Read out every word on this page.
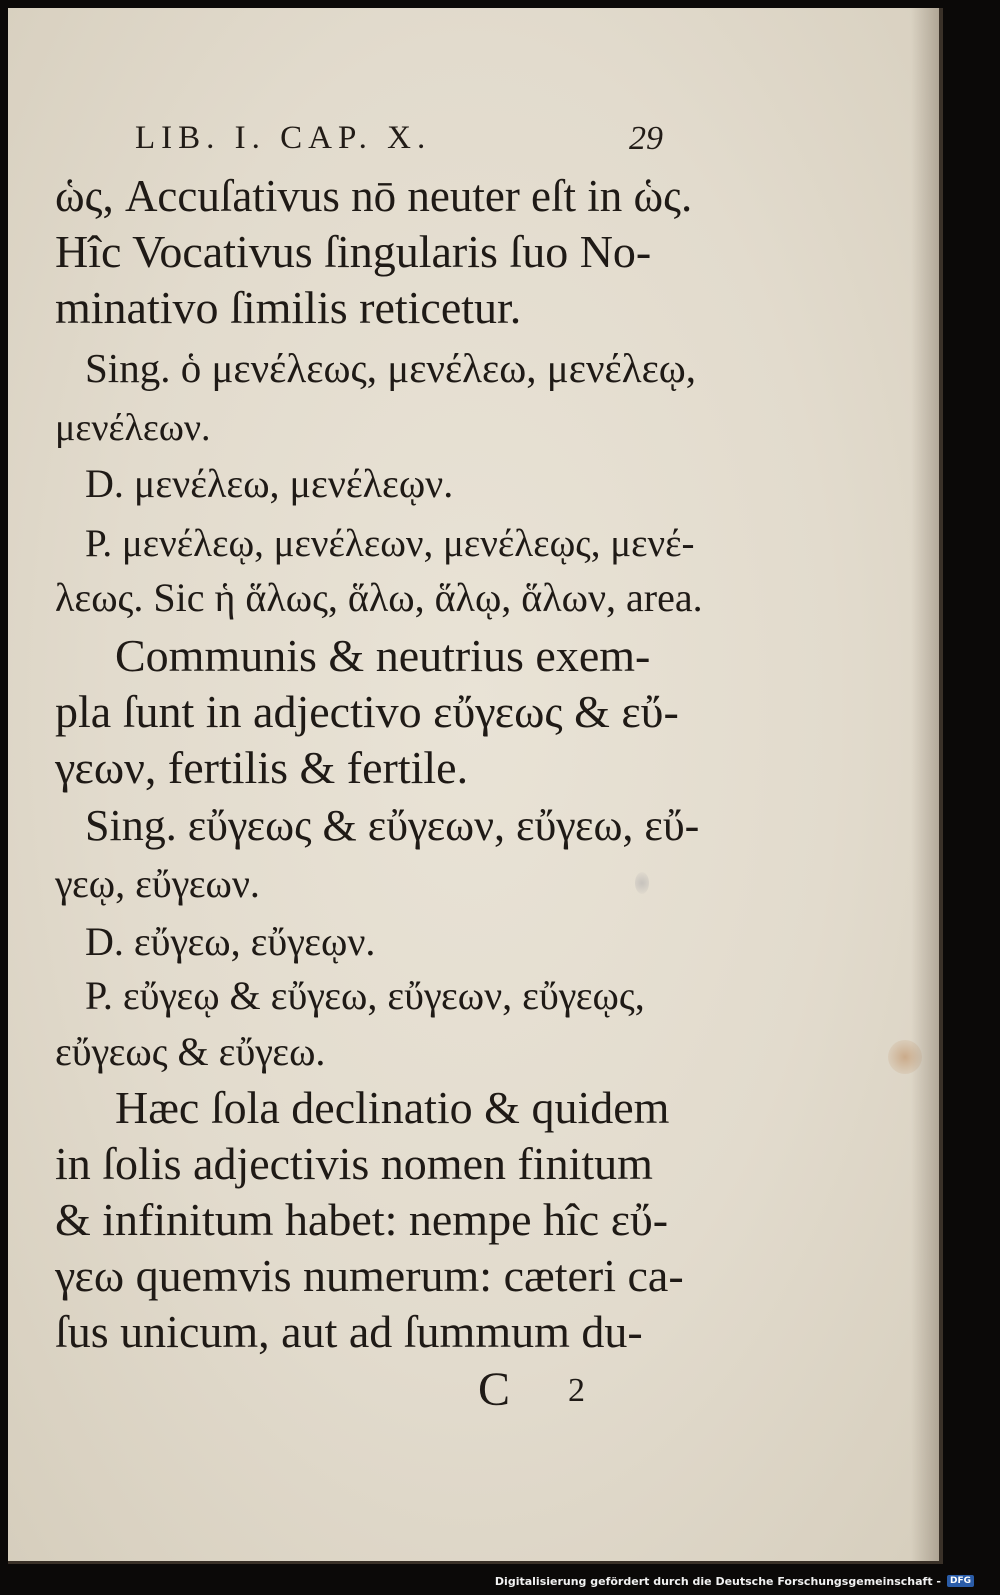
LIB. I. CAP. X.	29
ὡς, Accuſativus nō neuter eſt in ὡς.
Hîc Vocativus ſingularis ſuo No-
minativo ſimilis reticetur.
Sing. ὁ μενέλεως, μενέλεω, μενέλεῳ,
μενέλεων.
D. μενέλεω, μενέλεῳν.
P. μενέλεῳ, μενέλεων, μενέλεῳς, μενέ-
λεως. Sic ἡ ἅλως, ἅλω, ἅλῳ, ἅλων, area.
Communis & neutrius exem-
pla ſunt in adjectivo εὔγεως & εὔ-
γεων, fertilis & fertile.
Sing. εὔγεως & εὔγεων, εὔγεω, εὔ-
γεῳ, εὔγεων.
D. εὔγεω, εὔγεῳν.
P. εὔγεῳ & εὔγεω, εὔγεων, εὔγεῳς,
εὔγεως & εὔγεω.
Hæc ſola declinatio & quidem
in ſolis adjectivis nomen finitum
& infinitum habet: nempe hîc εὔ-
γεω quemvis numerum: cæteri ca-
ſus unicum, aut ad ſummum du-
C 2
Digitalisierung gefördert durch die Deutsche Forschungsgemeinschaft -	DFG
